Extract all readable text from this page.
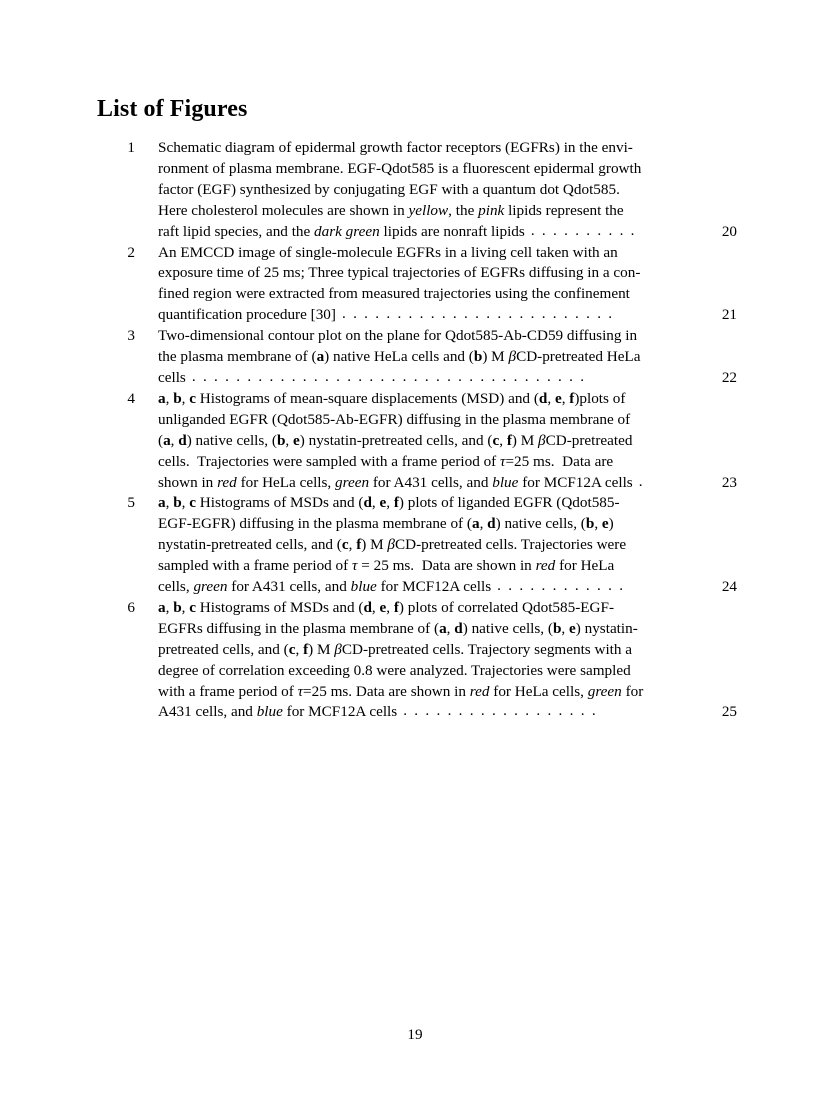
List of Figures
1 Schematic diagram of epidermal growth factor receptors (EGFRs) in the envi-
ronment of plasma membrane. EGF-Qdot585 is a fluorescent epidermal growth
factor (EGF) synthesized by conjugating EGF with a quantum dot Qdot585.
Here cholesterol molecules are shown in yellow, the pink lipids represent the
raft lipid species, and the dark green lipids are nonraft lipids ..........	20
2 An EMCCD image of single-molecule EGFRs in a living cell taken with an
exposure time of 25 ms; Three typical trajectories of EGFRs diffusing in a con-
fined region were extracted from measured trajectories using the confinement
quantification procedure [30] .........................	21
3 Two-dimensional contour plot on the plane for Qdot585-Ab-CD59 diffusing in
the plasma membrane of (a) native HeLa cells and (b) M βCD-pretreated HeLa
cells ....................................	22
4 a, b, c Histograms of mean-square displacements (MSD) and (d, e, f)plots of
unliganded EGFR (Qdot585-Ab-EGFR) diffusing in the plasma membrane of
(a, d) native cells, (b, e) nystatin-pretreated cells, and (c, f) M βCD-pretreated
cells.  Trajectories were sampled with a frame period of τ=25 ms.  Data are
shown in red for HeLa cells, green for A431 cells, and blue for MCF12A cells .	23
5 a, b, c Histograms of MSDs and (d, e, f) plots of liganded EGFR (Qdot585-
EGF-EGFR) diffusing in the plasma membrane of (a, d) native cells, (b, e)
nystatin-pretreated cells, and (c, f) M βCD-pretreated cells. Trajectories were
sampled with a frame period of τ = 25 ms.  Data are shown in red for HeLa
cells, green for A431 cells, and blue for MCF12A cells ............	24
6 a, b, c Histograms of MSDs and (d, e, f) plots of correlated Qdot585-EGF-
EGFRs diffusing in the plasma membrane of (a, d) native cells, (b, e) nystatin-
pretreated cells, and (c, f) M βCD-pretreated cells. Trajectory segments with a
degree of correlation exceeding 0.8 were analyzed. Trajectories were sampled
with a frame period of τ=25 ms. Data are shown in red for HeLa cells, green for
A431 cells, and blue for MCF12A cells ..................	25
19
